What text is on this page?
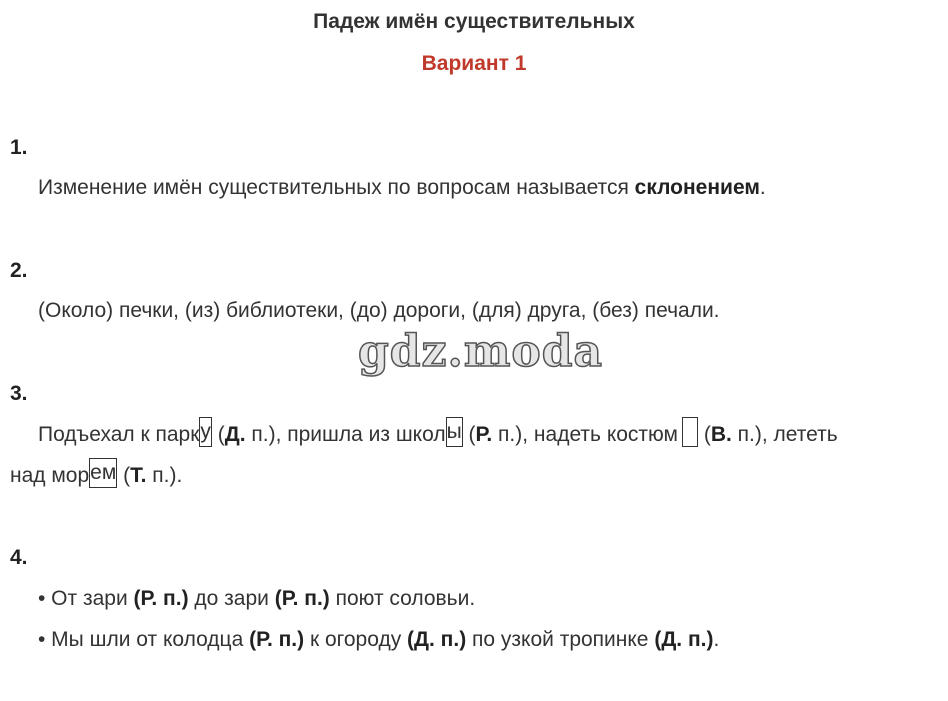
Падеж имён существительных
Вариант 1
1.
Изменение имён существительных по вопросам называется склонением.
2.
(Около) печки, (из) библиотеки, (до) дороги, (для) друга, (без) печали.
gdz.moda
3.
Подъехал к парку (Д. п.), пришла из школы (Р. п.), надеть костюм (В. п.), лететь
над морем (Т. п.).
4.
• От зари (Р. п.) до зари (Р. п.) поют соловьи.
• Мы шли от колодца (Р. п.) к огороду (Д. п.) по узкой тропинке (Д. п.).
